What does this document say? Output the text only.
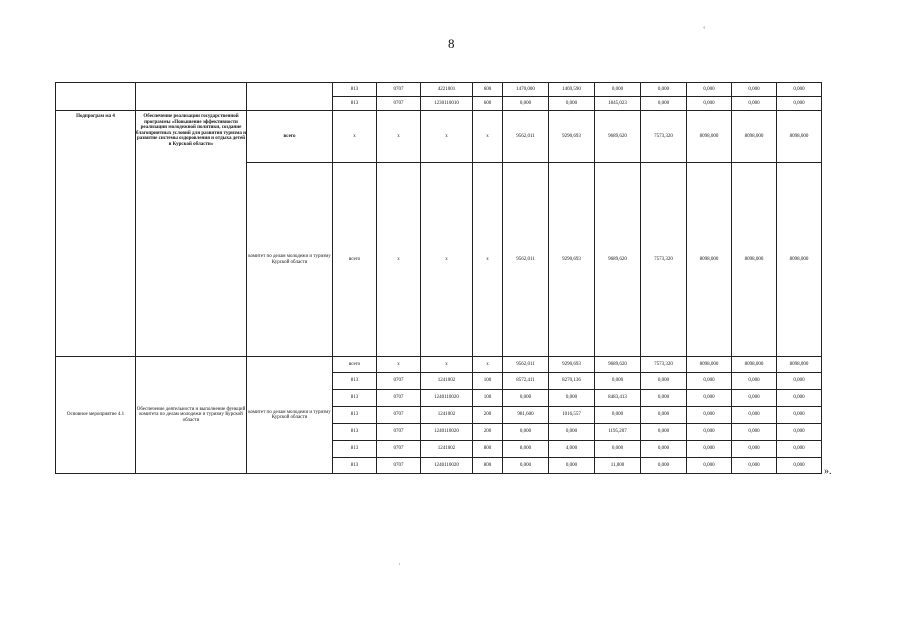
8
˚
			813	0707	4221001	600	1470,000	1469,590	0,000	0,000	0,000	0,000	0,000
			813	0707	1230110010	600	0,000	0,000	1845,023	0,000	0,000	0,000	0,000
Подпрограм ма 4	Обеспечение реализации государственной программы «Повышение эффективности реализации молодежной политики, создание благоприятных условий для развития туризма и развитие системы оздоровления и отдыха детей в Курской области»	всего	x	x	x	x	9562,011	9290,693	9689,620	7573,320	8098,000	8098,000	8098,000
		комитет по делам молодежи и туризму Курской области	всего	x	x	x	9562,011	9290,693	9689,620	7573,320	8098,000	8098,000	8098,000
Основное мероприятие 4.1	Обеспечение деятельности и выполнение функций комитета по делам молодежи и туризму Курской области	комитет по делам молодежи и туризму Курской области	всего	x	x	x	9562,011	9290,693	9689,620	7573,320	8098,000	8098,000	8098,000
			813	0707	1241002	100	8572,411	8270,136	0,000	0,000	0,000	0,000	0,000
			813	0707	1240110020	100	0,000	0,000	8483,413	0,000	0,000	0,000	0,000
			813	0707	1241002	200	981,600	1016,557	0,000	0,000	0,000	0,000	0,000
			813	0707	1240110020	200	0,000	0,000	1195,207	0,000	0,000	0,000	0,000
			813	0707	1241002	800	8,000	4,000	0,000	0,000	0,000	0,000	0,000
			813	0707	1240110020	800	0,000	0,000	11,000	0,000	0,000	0,000	0,000
».
·
